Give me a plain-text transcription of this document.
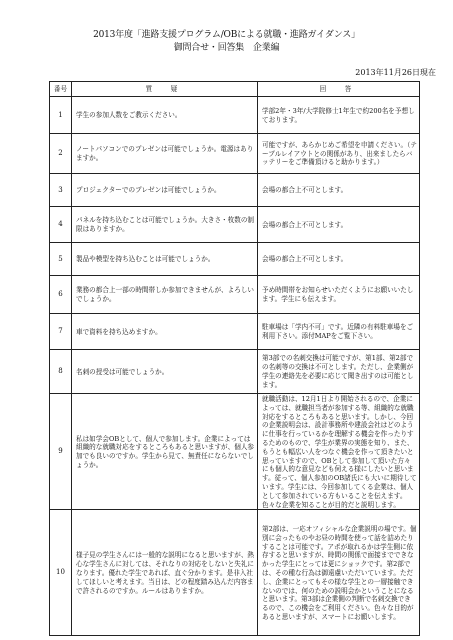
2013年度「進路支援プログラム/OBによる就職・進路ガイダンス」
御問合せ・回答集　企業編
2013年11月26日現在
番号	質　疑	回　答
1	学生の参加人数をご教示ください。	学部2年・3年/大学院修士1年生で約200名を予想しております。
2	ノートパソコンでのプレゼンは可能でしょうか。電源はありますか。	可能ですが、あらかじめご希望を申請ください。（テーブルレイアウトとの関係があり、出来ましたらバッテリーをご準備頂けると助かります。）
3	プロジェクターでのプレゼンは可能でしょうか。	会場の都合上不可とします。
4	パネルを持ち込むことは可能でしょうか。大きさ・枚数の制限はありますか。	会場の都合上不可とします。
5	製品や模型を持ち込むことは可能でしょうか。	会場の都合上不可とします。
6	業務の都合上一部の時間帯しか参加できませんが、よろしいでしょうか。	予め時間帯をお知らせいただくようにお願いいたします。学生にも伝えます。
7	車で資料を持ち込めますか。	駐車場は「学内不可」です。近隣の有料駐車場をご利用下さい。添付MAPをご覧下さい。
8	名刺の授受は可能でしょうか。	第3部での名刺交換は可能ですが、第1部、第2部での名刺等の交換は不可とします。ただし、企業側が学生の連絡先を必要に応じて聞き出すのは可能とします。
9	私は如学会OBとして、個人で参加します。企業によっては組織的な就職対応をするところもあると思いますが、個人参加でも良いのですか。学生から見て、無責任にならないでしょうか。	就職活動は、12月1日より開始されるので、企業によっては、就職担当者が参加する等、組織的な就職対応をするところもあると思います。しかし、今回の企業説明会は、設計事務所や建設会社はどのように仕事を行っているかを理解する機会を作ったりするためのもので、学生が業界の実態を知り、また、もうとも幅広い人をつなぐ機会を作って頂きたいと思っていますので、OBとして参加して頂いた方々にも個人的な意見なども伺える様にしたいと思います。従って、個人参加のOB諸氏にも大いに期待しています。学生には、今回参加してくる企業は、個人として参加されている方もいることを伝えます。色々な企業を知ることが目的だと説明します。
10	様子見の学生さんには一般的な説明になると思いますが、熱心な学生さんに対しては、それなりの対応をしないと失礼になります。優れた学生であれば、直ぐ分かります。是非入社してほしいと考えます。当日は、どの程度踏み込んだ内容まで許されるのですか。ルールはありますか。	第2部は、一応オフィシャルな企業説明の場です。個別に会ったものやお昼の時間を使って話を詰めたりすることは可能です。アポが取れるかは学生側に依存すると思いますが、時間の関係で面接までできなかった学生にとっては更にショックです。第2部では、その種な行為は御遠慮いただいています。ただし、企業にとってもその様な学生との一層接触できないのでは、何のための説明会かということになると思います。第3部は企業側の判断で名刺交換できるので、この機会をご利用ください。色々な目的があると思いますが、スマートにお願いします。
